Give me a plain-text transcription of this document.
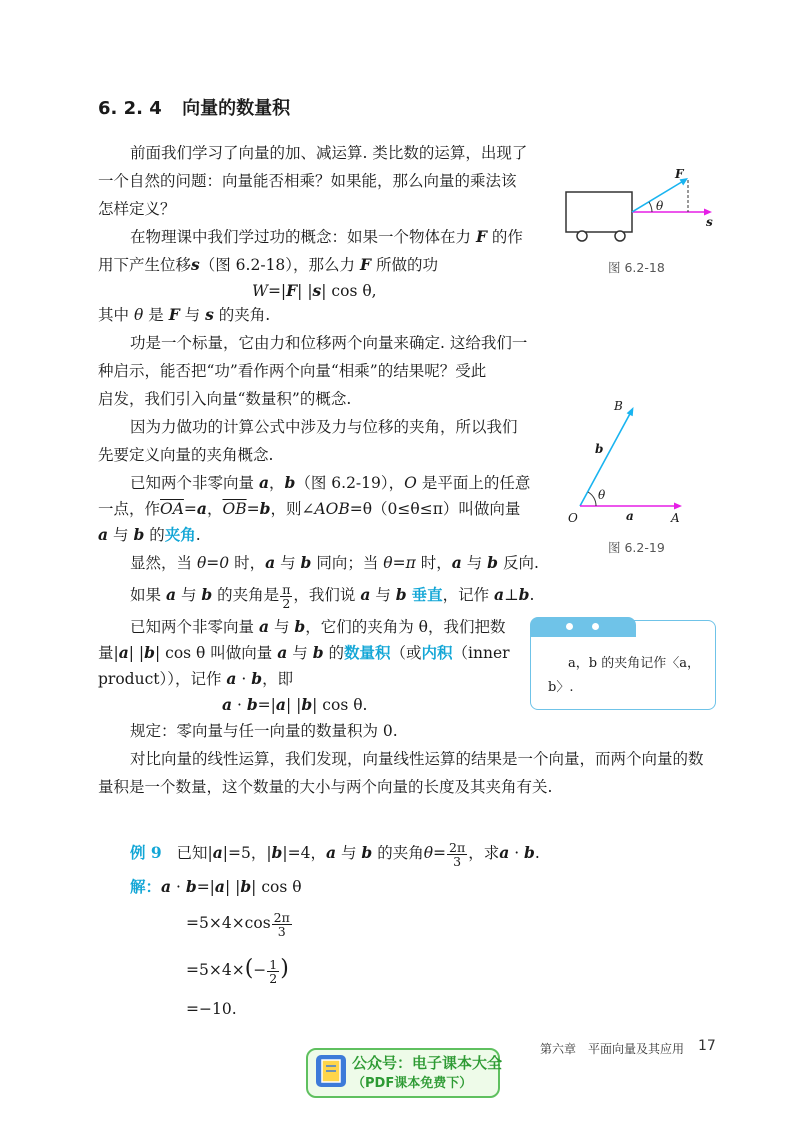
6. 2. 4 向量的数量积
前面我们学习了向量的加、减运算. 类比数的运算，出现了
一个自然的问题：向量能否相乘？如果能，那么向量的乘法该
怎样定义？
在物理课中我们学过功的概念：如果一个物体在力 F 的作
用下产生位移s（图 6.2-18），那么力 F 所做的功
W=|F| |s| cos θ,
其中 θ 是 F 与 s 的夹角.
功是一个标量，它由力和位移两个向量来确定. 这给我们一
种启示，能否把“功”看作两个向量“相乘”的结果呢？受此
启发，我们引入向量“数量积”的概念.
因为力做功的计算公式中涉及力与位移的夹角，所以我们
先要定义向量的夹角概念.
已知两个非零向量 a，b（图 6.2-19），O 是平面上的任意
一点，作$\overline{OA}=a$，$\overline{OB}=b$，则∠AOB=θ（0≤θ≤π）叫做向量
a 与 b 的夹角.
显然，当 θ=0 时，a 与 b 同向；当 θ=π 时，a 与 b 反向.
如果 a 与 b 的夹角是 $\frac{\pi}{2}$ ，我们说 a 与 b 垂直，记作 a⊥b.
已知两个非零向量 a 与 b，它们的夹角为 θ，我们把数
量|a| |b| cos θ 叫做向量 a 与 b 的数量积（或内积（inner
product）），记作 a · b，即
a · b=|a| |b| cos θ.
规定：零向量与任一向量的数量积为 0.
对比向量的线性运算，我们发现，向量线性运算的结果是一个向量，而两个向量的数
量积是一个数量，这个数量的大小与两个向量的长度及其夹角有关.
例 9 已知|a|=5，|b|=4，a 与 b 的夹角$\theta= \frac{2\pi}{3}$ ，求a · b.
解：a · b=|a| |b| cos θ
$=5\times 4\times\cos \frac{2\pi}{3}$
$=5\times 4\times(- \frac{1}{2}$ )
=−10.
F
θ
s
图 6.2-18
B
b
θ
O	a	A
图 6.2-19
a，b 的夹角记作〈a，
b〉.
第六章　平面向量及其应用 17
公众号：电子课本大全
（PDF课本免费下）
